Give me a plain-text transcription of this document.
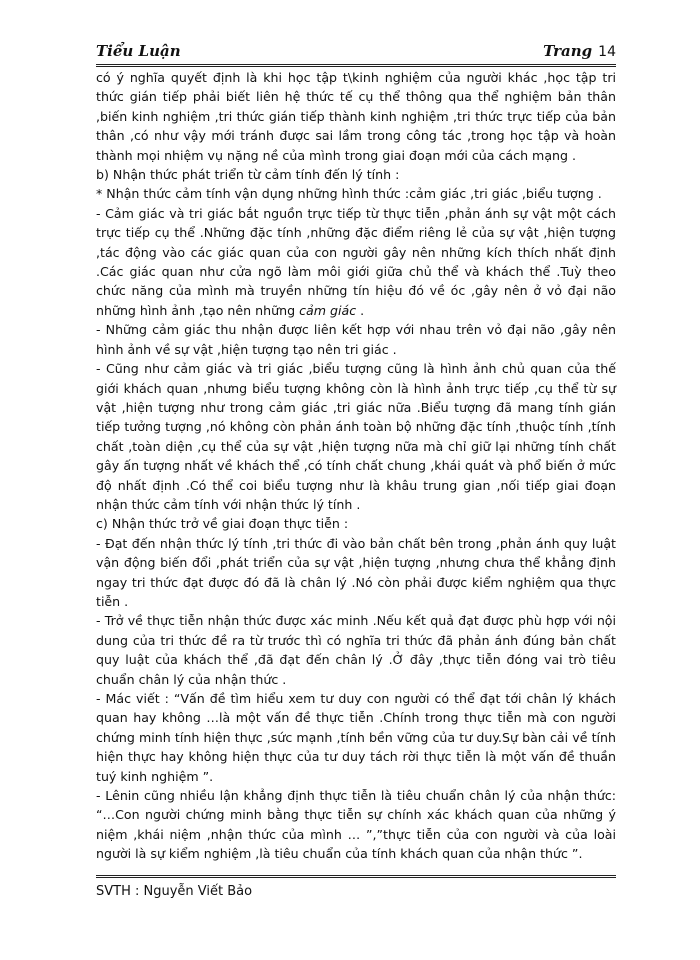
Tiểu Luận	Trang 14

có ý nghĩa quyết định là khi học tập t\kinh nghiệm của người khác ,học tập tri thức gián tiếp phải biết liên hệ thức tế cụ thể thông qua thể nghiệm bản thân ,biến kinh nghiệm ,tri thức gián tiếp thành kinh nghiệm ,tri thức trực tiếp của bản thân ,có như vậy mới tránh được sai lầm trong công tác ,trong học tập và hoàn thành mọi nhiệm vụ nặng nề của mình trong giai đoạn mới của cách mạng .

b) Nhận thức phát triển từ cảm tính đến lý tính :

* Nhận thức cảm tính vận dụng những hình thức :cảm giác ,tri giác ,biểu tượng .

- Cảm giác và tri giác bắt nguồn trực tiếp từ thực tiễn ,phản ánh sự vật một cách trực tiếp cụ thể .Những đặc tính ,những đặc điểm riêng lẻ của sự vật ,hiện tượng ,tác động vào các giác quan của con người gây nên những kích thích nhất định .Các giác quan như cửa ngõ làm môi giới giữa chủ thể và khách thể .Tuỳ theo chức năng của mình mà truyền những tín hiệu đó về óc ,gây nên ở vỏ đại não những hình ảnh ,tạo nên những cảm giác .

- Những cảm giác thu nhận được liên kết hợp với nhau trên vỏ đại não ,gây nên hình ảnh về sự vật ,hiện tượng tạo nên tri giác .

- Cũng như cảm giác và tri giác ,biểu tượng cũng là hình ảnh chủ quan của thế giới khách quan ,nhưng biểu tượng không còn là hình ảnh trực tiếp ,cụ thể từ sự vật ,hiện tượng như trong cảm giác ,tri giác nữa .Biểu tượng đã mang tính gián tiếp tưởng tượng ,nó không còn phản ánh toàn bộ những đặc tính ,thuộc tính ,tính chất ,toàn diện ,cụ thể của sự vật ,hiện tượng nữa mà chỉ giữ lại những tính chất gây ấn tượng nhất về khách thể ,có tính chất chung ,khái quát và phổ biến ở mức độ nhất định .Có thể coi biểu tượng như là khâu trung gian ,nối tiếp giai đoạn nhận thức cảm tính với nhận thức lý tính .

c) Nhận thức trở về giai đoạn thực tiễn :

- Đạt đến nhận thức lý tính ,tri thức đi vào bản chất bên trong ,phản ánh quy luật vận động biến đổi ,phát triển của sự vật ,hiện tượng ,nhưng chưa thể khẳng định ngay tri thức đạt được đó đã là chân lý .Nó còn phải được kiểm nghiệm qua thực tiễn .

- Trở về thực tiễn nhận thức được xác minh .Nếu kết quả đạt được phù hợp với nội dung của tri thức đề ra từ trước thì có nghĩa tri thức đã phản ánh đúng bản chất quy luật của khách thể ,đã đạt đến chân lý .Ở đây ,thực tiễn đóng vai trò tiêu chuẩn chân lý của nhận thức .

- Mác viết : “Vấn đề tìm hiểu xem tư duy con người có thể đạt tới chân lý khách quan hay không …là một vấn đề thực tiễn .Chính trong thực tiễn mà con người chứng minh tính hiện thực ,sức mạnh ,tính bền vững của tư duy.Sự bàn cải về tính hiện thực hay không hiện thực của tư duy tách rời thực tiễn là một vấn đề thuần tuý kinh nghiệm ”.

- Lênin cũng nhiều lận khẳng định thực tiễn là tiêu chuẩn chân lý của nhận thức: “…Con người chứng minh bằng thực tiễn sự chính xác khách quan của những ý niệm ,khái niệm ,nhận thức của mình … ”,”thực tiễn của con người và của loài người là sự kiểm nghiệm ,là tiêu chuẩn của tính khách quan của nhận thức ”.

SVTH : Nguyễn Viết Bảo
